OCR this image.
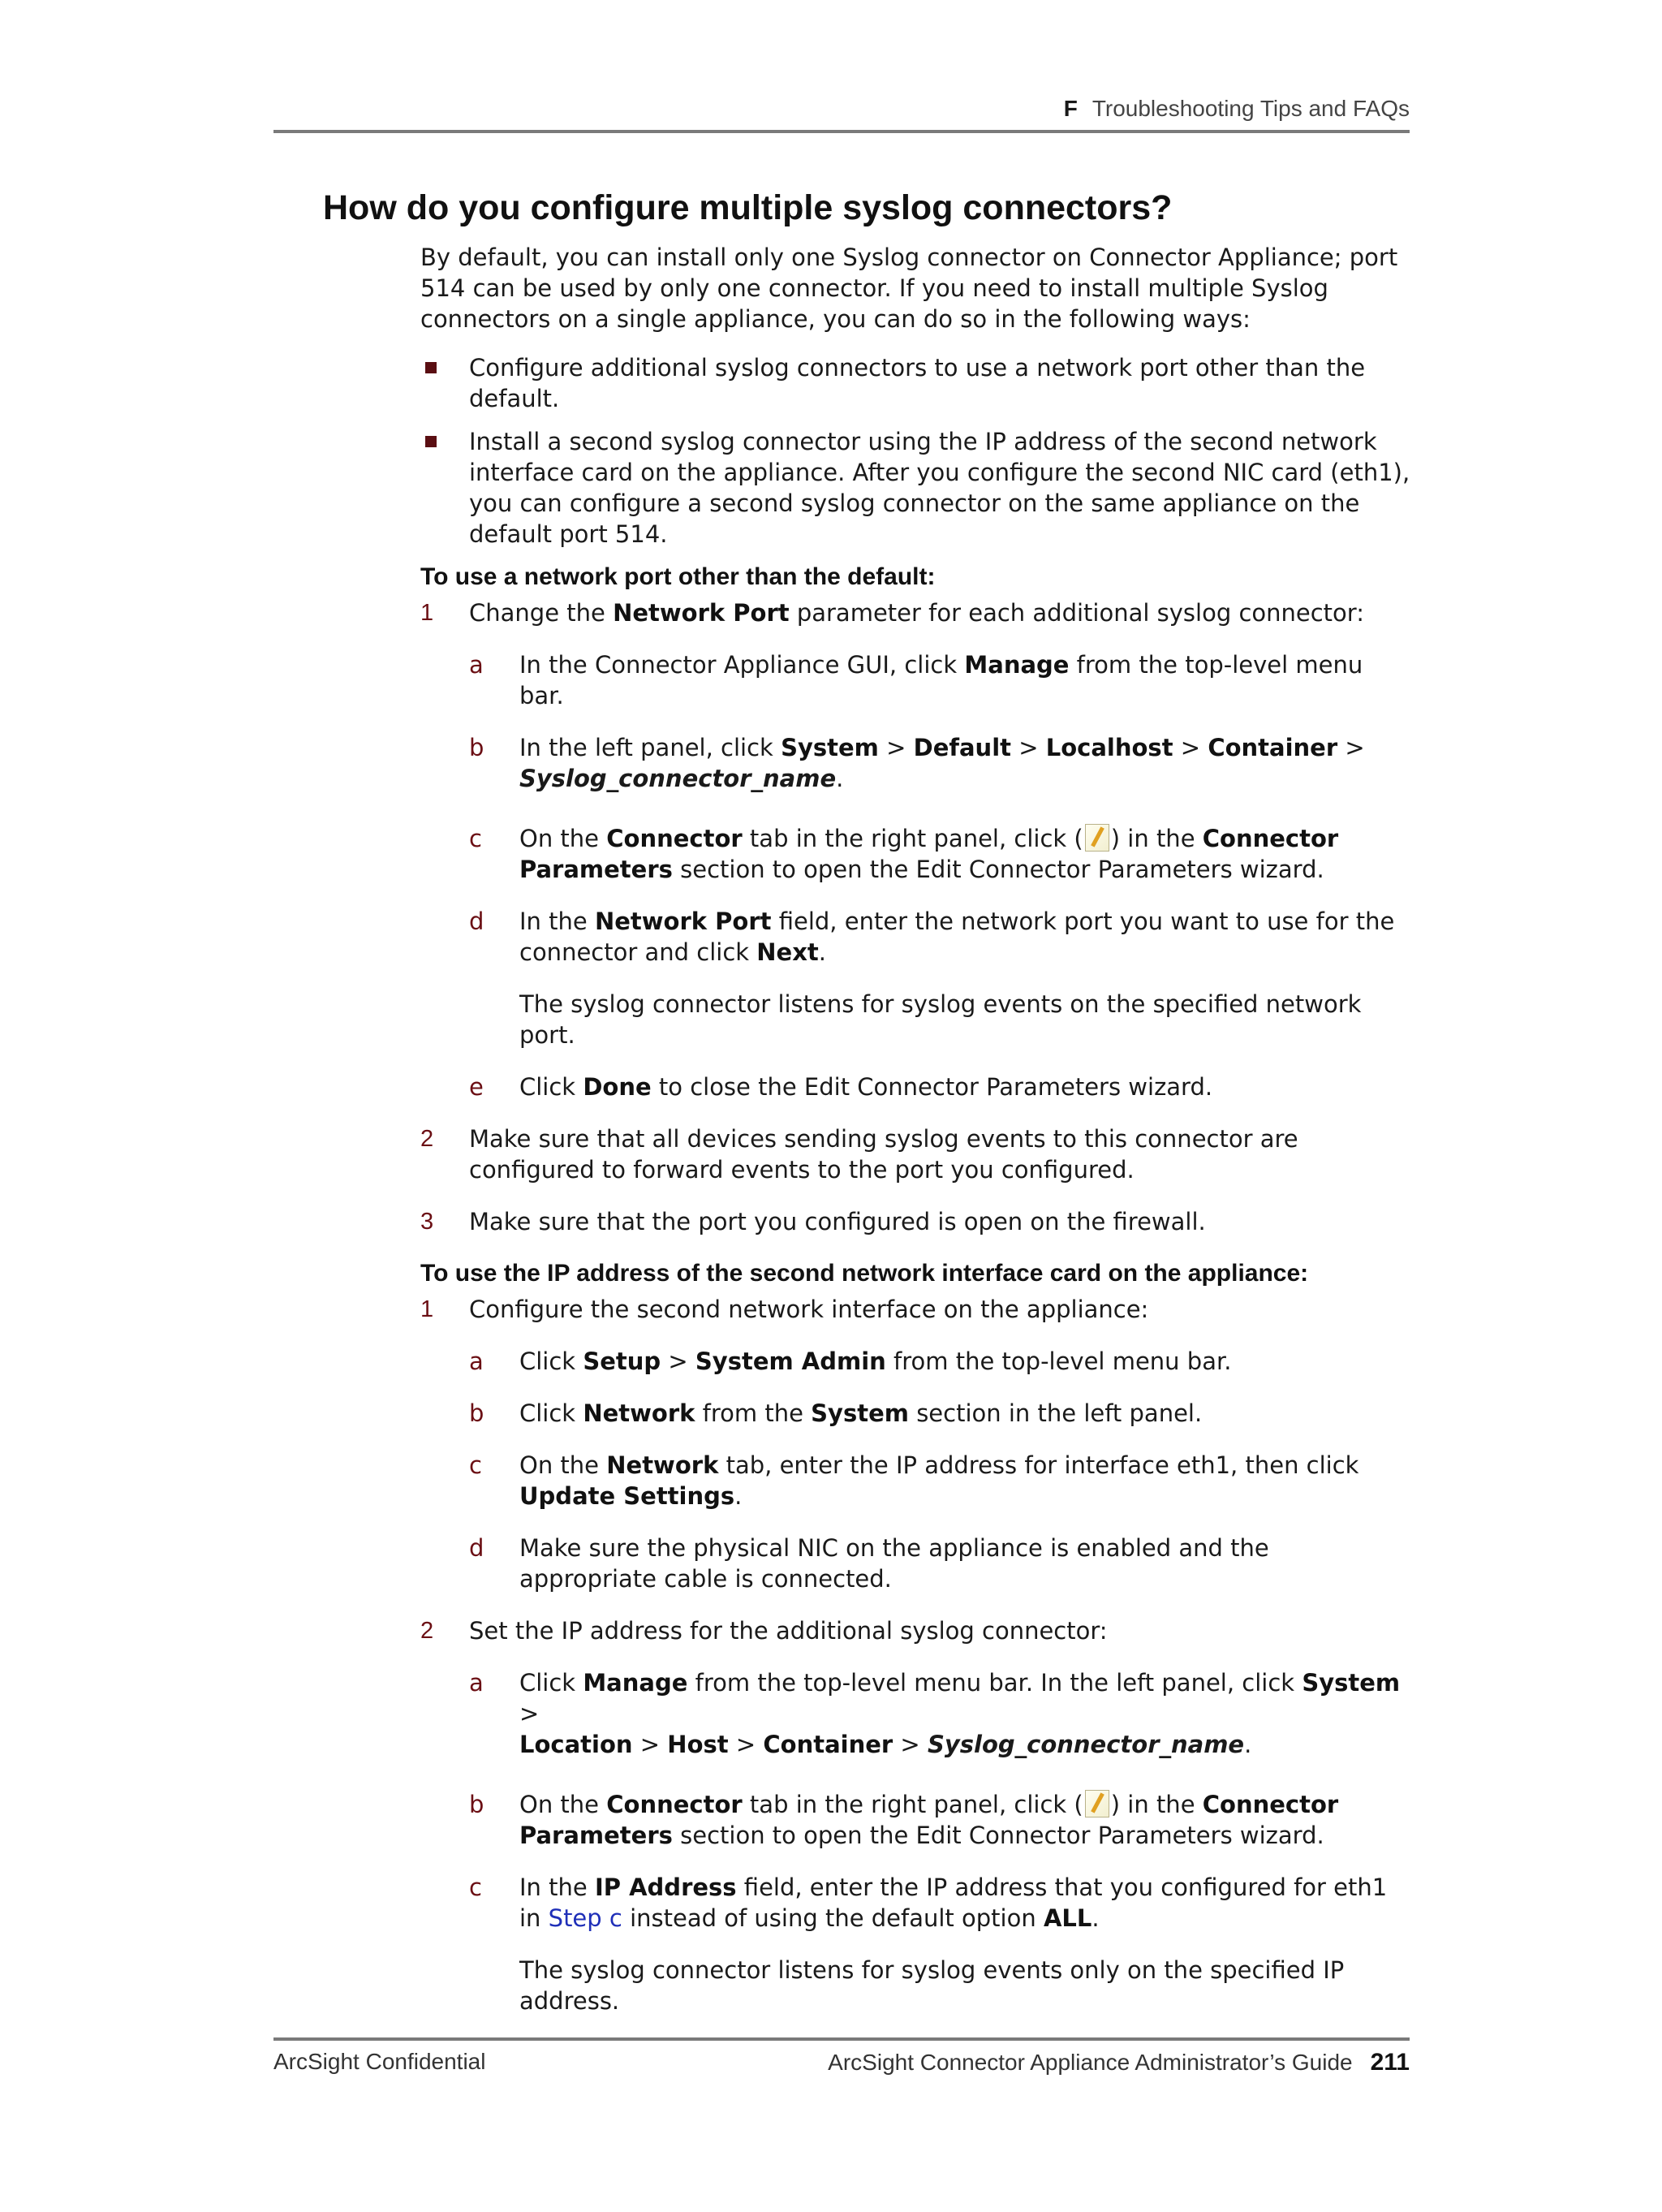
F Troubleshooting Tips and FAQs
How do you configure multiple syslog connectors?

By default, you can install only one Syslog connector on Connector Appliance; port 514 can be used by only one connector. If you need to install multiple Syslog connectors on a single appliance, you can do so in the following ways:

Configure additional syslog connectors to use a network port other than the default.
Install a second syslog connector using the IP address of the second network interface card on the appliance. After you configure the second NIC card (eth1), you can configure a second syslog connector on the same appliance on the default port 514.
To use a network port other than the default:
1 Change the Network Port parameter for each additional syslog connector:
a In the Connector Appliance GUI, click Manage from the top-level menu bar.
b In the left panel, click System > Default > Localhost > Container >
Syslog_connector_name.
c On the Connector tab in the right panel, click ( ) in the Connector Parameters section to open the Edit Connector Parameters wizard.
d In the Network Port field, enter the network port you want to use for the connector and click Next.
The syslog connector listens for syslog events on the specified network port.
e Click Done to close the Edit Connector Parameters wizard.
2 Make sure that all devices sending syslog events to this connector are configured to forward events to the port you configured.
3 Make sure that the port you configured is open on the firewall.
To use the IP address of the second network interface card on the appliance:
1 Configure the second network interface on the appliance:
a Click Setup > System Admin from the top-level menu bar.
b Click Network from the System section in the left panel.
c On the Network tab, enter the IP address for interface eth1, then click Update Settings.
d Make sure the physical NIC on the appliance is enabled and the appropriate cable is connected.
2 Set the IP address for the additional syslog connector:
a Click Manage from the top-level menu bar. In the left panel, click System >
Location > Host > Container > Syslog_connector_name.
b On the Connector tab in the right panel, click ( ) in the Connector Parameters section to open the Edit Connector Parameters wizard.
c In the IP Address field, enter the IP address that you configured for eth1 in Step c instead of using the default option ALL.
The syslog connector listens for syslog events only on the specified IP address.
ArcSight Confidential	ArcSight Connector Appliance Administrator’s Guide 211
